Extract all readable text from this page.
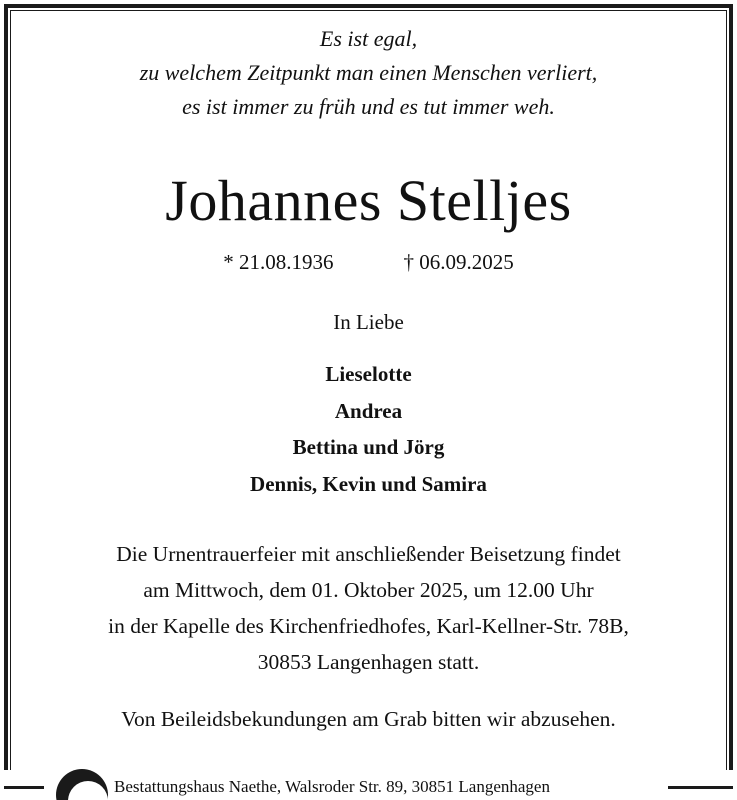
Es ist egal,
zu welchem Zeitpunkt man einen Menschen verliert,
es ist immer zu früh und es tut immer weh.
Johannes Stelljes
* 21.08.1936	† 06.09.2025
In Liebe
Lieselotte
Andrea
Bettina und Jörg
Dennis, Kevin und Samira
Die Urnentrauerfeier mit anschließender Beisetzung findet
am Mittwoch, dem 01. Oktober 2025, um 12.00 Uhr
in der Kapelle des Kirchenfriedhofes, Karl-Kellner-Str. 78B,
30853 Langenhagen statt.
Von Beileidsbekundungen am Grab bitten wir abzusehen.
Bestattungshaus Naethe, Walsroder Str. 89, 30851 Langenhagen
